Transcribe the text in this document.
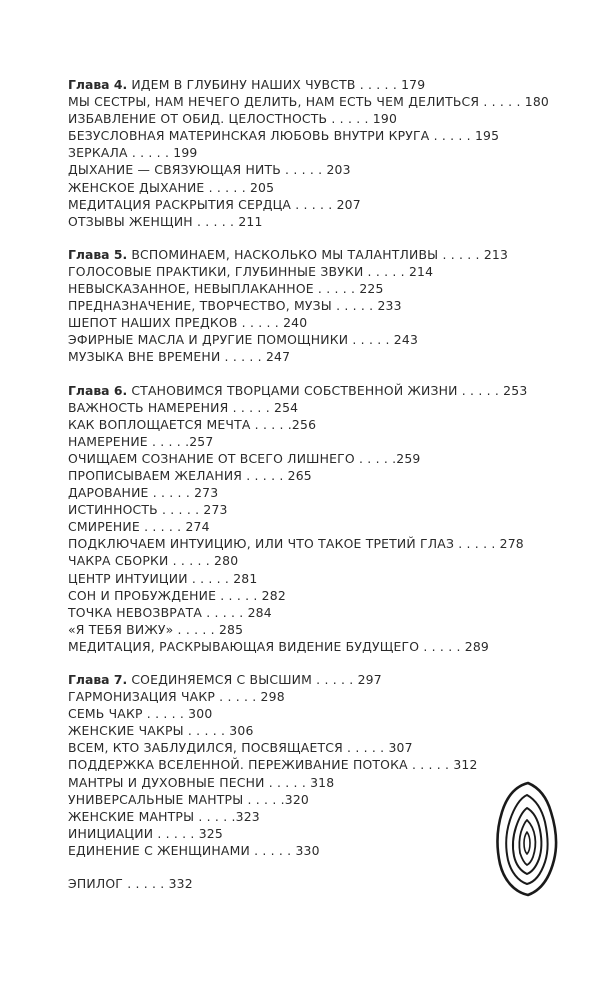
Глава 4. ИДЕМ В ГЛУБИНУ НАШИХ ЧУВСТВ . . . . . 179
МЫ СЕСТРЫ, НАМ НЕЧЕГО ДЕЛИТЬ, НАМ ЕСТЬ ЧЕМ ДЕЛИТЬСЯ . . . . . 180
ИЗБАВЛЕНИЕ ОТ ОБИД. ЦЕЛОСТНОСТЬ . . . . . 190
БЕЗУСЛОВНАЯ МАТЕРИНСКАЯ ЛЮБОВЬ ВНУТРИ КРУГА . . . . . 195
ЗЕРКАЛА . . . . . 199
ДЫХАНИЕ — СВЯЗУЮЩАЯ НИТЬ . . . . . 203
ЖЕНСКОЕ ДЫХАНИЕ . . . . . 205
МЕДИТАЦИЯ РАСКРЫТИЯ СЕРДЦА . . . . . 207
ОТЗЫВЫ ЖЕНЩИН . . . . . 211
Глава 5. ВСПОМИНАЕМ, НАСКОЛЬКО МЫ ТАЛАНТЛИВЫ . . . . . 213
ГОЛОСОВЫЕ ПРАКТИКИ, ГЛУБИННЫЕ ЗВУКИ . . . . . 214
НЕВЫСКАЗАННОЕ, НЕВЫПЛАКАННОЕ . . . . . 225
ПРЕДНАЗНАЧЕНИЕ, ТВОРЧЕСТВО, МУЗЫ . . . . . 233
ШЕПОТ НАШИХ ПРЕДКОВ . . . . . 240
ЭФИРНЫЕ МАСЛА И ДРУГИЕ ПОМОЩНИКИ . . . . . 243
МУЗЫКА ВНЕ ВРЕМЕНИ . . . . . 247
Глава 6. СТАНОВИМСЯ ТВОРЦАМИ СОБСТВЕННОЙ ЖИЗНИ . . . . . 253
ВАЖНОСТЬ НАМЕРЕНИЯ . . . . . 254
КАК ВОПЛОЩАЕТСЯ МЕЧТА . . . . .256
НАМЕРЕНИЕ . . . . .257
ОЧИЩАЕМ СОЗНАНИЕ ОТ ВСЕГО ЛИШНЕГО . . . . .259
ПРОПИСЫВАЕМ ЖЕЛАНИЯ . . . . . 265
ДАРОВАНИЕ . . . . . 273
ИСТИННОСТЬ . . . . . 273
СМИРЕНИЕ . . . . . 274
ПОДКЛЮЧАЕМ ИНТУИЦИЮ, ИЛИ ЧТО ТАКОЕ ТРЕТИЙ ГЛАЗ . . . . . 278
ЧАКРА СБОРКИ . . . . . 280
ЦЕНТР ИНТУИЦИИ . . . . . 281
СОН И ПРОБУЖДЕНИЕ . . . . . 282
ТОЧКА НЕВОЗВРАТА . . . . . 284
«Я ТЕБЯ ВИЖУ» . . . . . 285
МЕДИТАЦИЯ, РАСКРЫВАЮЩАЯ ВИДЕНИЕ БУДУЩЕГО . . . . . 289
Глава 7. СОЕДИНЯЕМСЯ С ВЫСШИМ . . . . . 297
ГАРМОНИЗАЦИЯ ЧАКР . . . . . 298
СЕМЬ ЧАКР . . . . . 300
ЖЕНСКИЕ ЧАКРЫ . . . . . 306
ВСЕМ, КТО ЗАБЛУДИЛСЯ, ПОСВЯЩАЕТСЯ . . . . . 307
ПОДДЕРЖКА ВСЕЛЕННОЙ. ПЕРЕЖИВАНИЕ ПОТОКА . . . . . 312
МАНТРЫ И ДУХОВНЫЕ ПЕСНИ . . . . . 318
УНИВЕРСАЛЬНЫЕ МАНТРЫ . . . . .320
ЖЕНСКИЕ МАНТРЫ . . . . .323
ИНИЦИАЦИИ . . . . . 325
ЕДИНЕНИЕ С ЖЕНЩИНАМИ . . . . . 330
ЭПИЛОГ . . . . . 332
